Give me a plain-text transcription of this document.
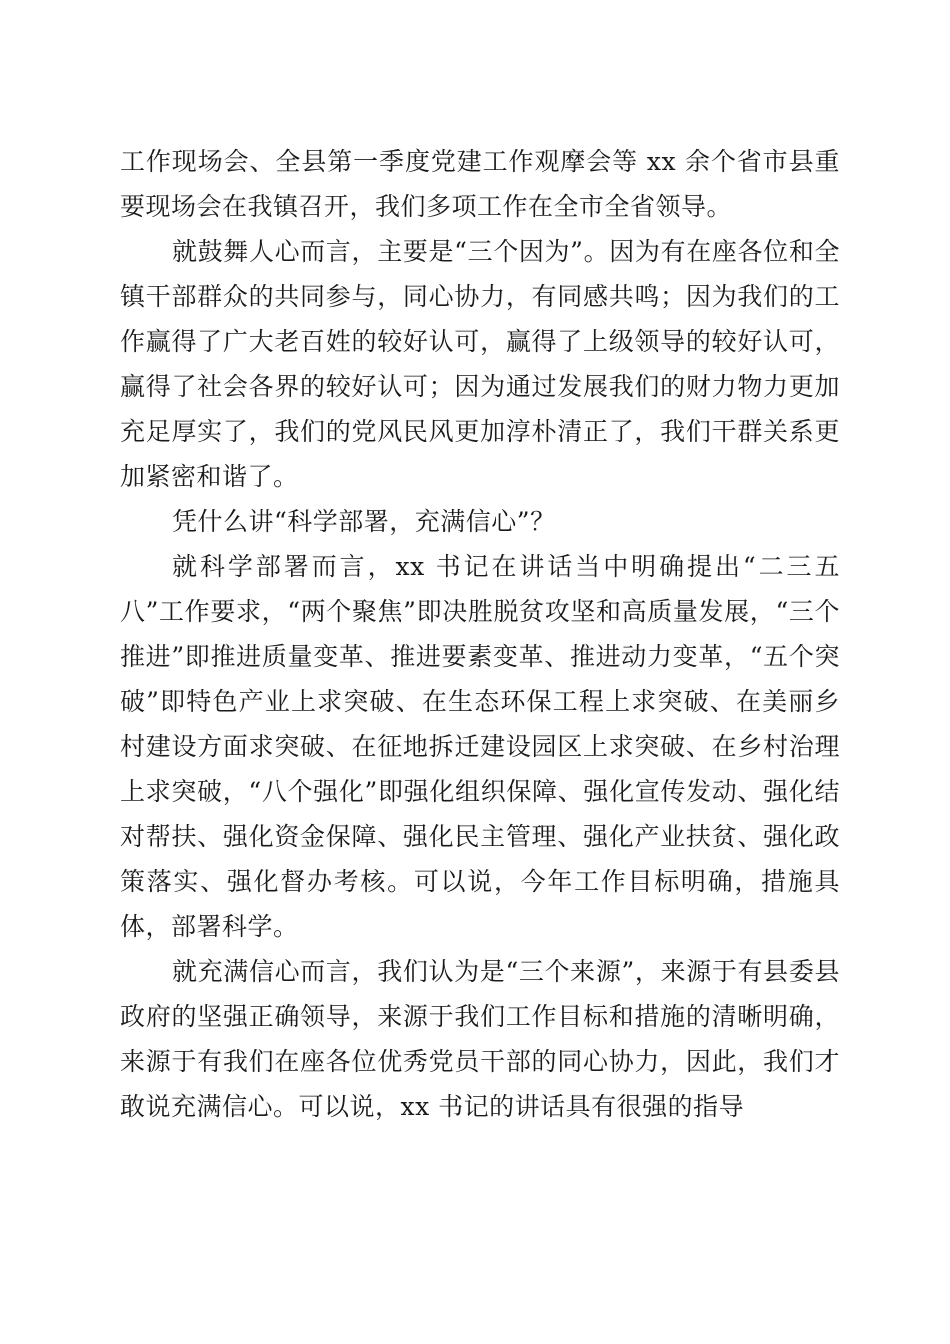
工作现场会、全县第一季度党建工作观摩会等 xx 余个省市县重要现场会在我镇召开，我们多项工作在全市全省领导。

就鼓舞人心而言，主要是“三个因为”。因为有在座各位和全镇干部群众的共同参与，同心协力，有同感共鸣；因为我们的工作赢得了广大老百姓的较好认可，赢得了上级领导的较好认可，赢得了社会各界的较好认可；因为通过发展我们的财力物力更加充足厚实了，我们的党风民风更加淳朴清正了，我们干群关系更加紧密和谐了。

凭什么讲“科学部署，充满信心”？

就科学部署而言，xx 书记在讲话当中明确提出“二三五八”工作要求，“两个聚焦”即决胜脱贫攻坚和高质量发展，“三个推进”即推进质量变革、推进要素变革、推进动力变革，“五个突破”即特色产业上求突破、在生态环保工程上求突破、在美丽乡村建设方面求突破、在征地拆迁建设园区上求突破、在乡村治理上求突破，“八个强化”即强化组织保障、强化宣传发动、强化结对帮扶、强化资金保障、强化民主管理、强化产业扶贫、强化政策落实、强化督办考核。可以说，今年工作目标明确，措施具体，部署科学。

就充满信心而言，我们认为是“三个来源”，来源于有县委县政府的坚强正确领导，来源于我们工作目标和措施的清晰明确，来源于有我们在座各位优秀党员干部的同心协力，因此，我们才敢说充满信心。可以说，xx 书记的讲话具有很强的指导
